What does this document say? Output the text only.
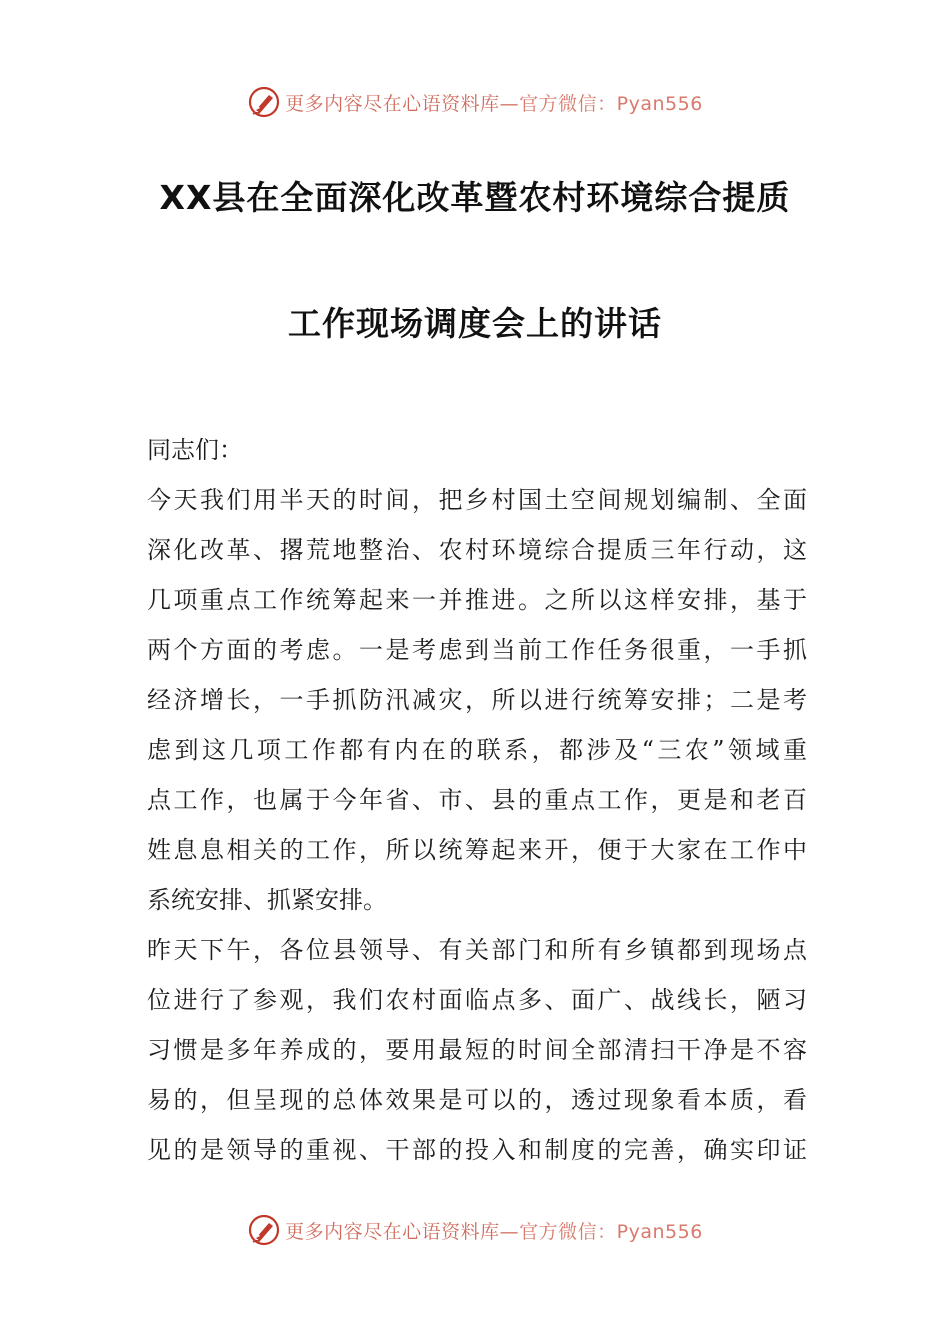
更多内容尽在心语资料库—官方微信：Pyan556
XX县在全面深化改革暨农村环境综合提质
工作现场调度会上的讲话
同志们：
今天我们用半天的时间，把乡村国土空间规划编制、全面
深化改革、撂荒地整治、农村环境综合提质三年行动，这
几项重点工作统筹起来一并推进。之所以这样安排，基于
两个方面的考虑。一是考虑到当前工作任务很重，一手抓
经济增长，一手抓防汛减灾，所以进行统筹安排；二是考
虑到这几项工作都有内在的联系，都涉及“三农”领域重
点工作，也属于今年省、市、县的重点工作，更是和老百
姓息息相关的工作，所以统筹起来开，便于大家在工作中
系统安排、抓紧安排。
昨天下午，各位县领导、有关部门和所有乡镇都到现场点
位进行了参观，我们农村面临点多、面广、战线长，陋习
习惯是多年养成的，要用最短的时间全部清扫干净是不容
易的，但呈现的总体效果是可以的，透过现象看本质，看
见的是领导的重视、干部的投入和制度的完善，确实印证
更多内容尽在心语资料库—官方微信：Pyan556
